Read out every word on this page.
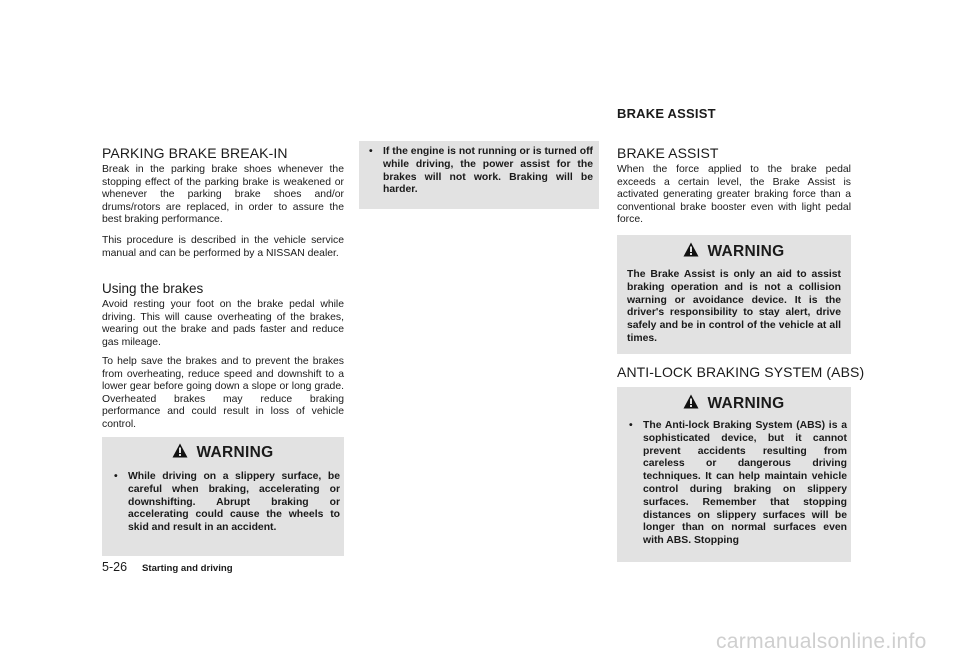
BRAKE ASSIST
PARKING BRAKE BREAK-IN

Break in the parking brake shoes whenever the stopping effect of the parking brake is weakened or whenever the parking brake shoes and/or drums/rotors are replaced, in order to assure the best braking performance.

This procedure is described in the vehicle service manual and can be performed by a NISSAN dealer.

Using the brakes

Avoid resting your foot on the brake pedal while driving. This will cause overheating of the brakes, wearing out the brake and pads faster and reduce gas mileage.

To help save the brakes and to prevent the brakes from overheating, reduce speed and downshift to a lower gear before going down a slope or long grade. Overheated brakes may reduce braking performance and could result in loss of vehicle control.

WARNING
• While driving on a slippery surface, be careful when braking, accelerating or downshifting. Abrupt braking or accelerating could cause the wheels to skid and result in an accident.

5-26 Starting and driving
• If the engine is not running or is turned off while driving, the power assist for the brakes will not work. Braking will be harder.

BRAKE ASSIST

When the force applied to the brake pedal exceeds a certain level, the Brake Assist is activated generating greater braking force than a conventional brake booster even with light pedal force.

WARNING

The Brake Assist is only an aid to assist braking operation and is not a collision warning or avoidance device. It is the driver's responsibility to stay alert, drive safely and be in control of the vehicle at all times.

ANTI-LOCK BRAKING SYSTEM (ABS)
WARNING
• The Anti-lock Braking System (ABS) is a sophisticated device, but it cannot prevent accidents resulting from careless or dangerous driving techniques. It can help maintain vehicle control during braking on slippery surfaces. Remember that stopping distances on slippery surfaces will be longer than on normal surfaces even with ABS. Stopping

carmanualsonline.info
